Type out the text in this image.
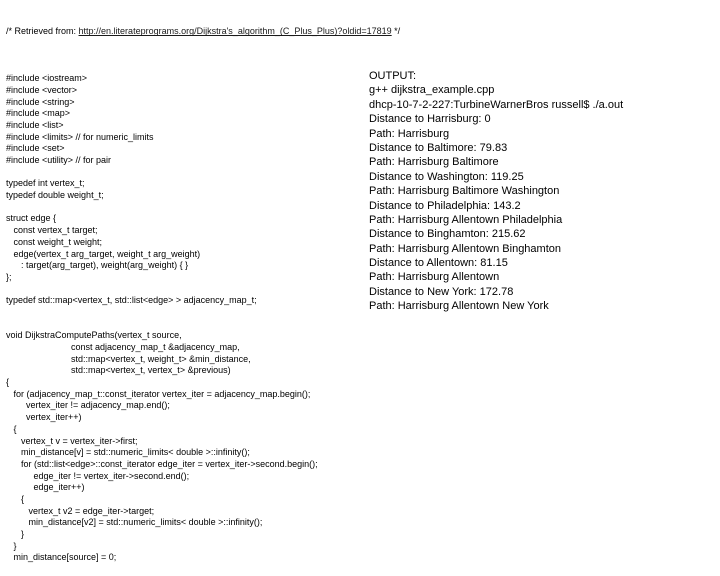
/* Retrieved from: http://en.literateprograms.org/Dijkstra's_algorithm_(C_Plus_Plus)?oldid=17819 */

#include <iostream>
#include <vector>
#include <string>
#include <map>
#include <list>
#include <limits> // for numeric_limits
#include <set>
#include <utility> // for pair
typedef int vertex_t;
typedef double weight_t;
struct edge {
const vertex_t target;
const weight_t weight;
edge(vertex_t arg_target, weight_t arg_weight)
: target(arg_target), weight(arg_weight) { }
};
typedef std::map<vertex_t, std::list<edge> > adjacency_map_t;
void DijkstraComputePaths(vertex_t source,
const adjacency_map_t &adjacency_map,
std::map<vertex_t, weight_t> &min_distance,
std::map<vertex_t, vertex_t> &previous)
{
for (adjacency_map_t::const_iterator vertex_iter = adjacency_map.begin();
vertex_iter != adjacency_map.end();
vertex_iter++)
{
vertex_t v = vertex_iter->first;
min_distance[v] = std::numeric_limits< double >::infinity();
for (std::list<edge>::const_iterator edge_iter = vertex_iter->second.begin();
edge_iter != vertex_iter->second.end();
edge_iter++)
{
vertex_t v2 = edge_iter->target;
min_distance[v2] = std::numeric_limits< double >::infinity();
}
}
min_distance[source] = 0;

OUTPUT:
g++ dijkstra_example.cpp
dhcp-10-7-2-227:TurbineWarnerBros russell$ ./a.out
Distance to Harrisburg: 0
Path: Harrisburg
Distance to Baltimore: 79.83
Path: Harrisburg Baltimore
Distance to Washington: 119.25
Path: Harrisburg Baltimore Washington
Distance to Philadelphia: 143.2
Path: Harrisburg Allentown Philadelphia
Distance to Binghamton: 215.62
Path: Harrisburg Allentown Binghamton
Distance to Allentown: 81.15
Path: Harrisburg Allentown
Distance to New York: 172.78
Path: Harrisburg Allentown New York
